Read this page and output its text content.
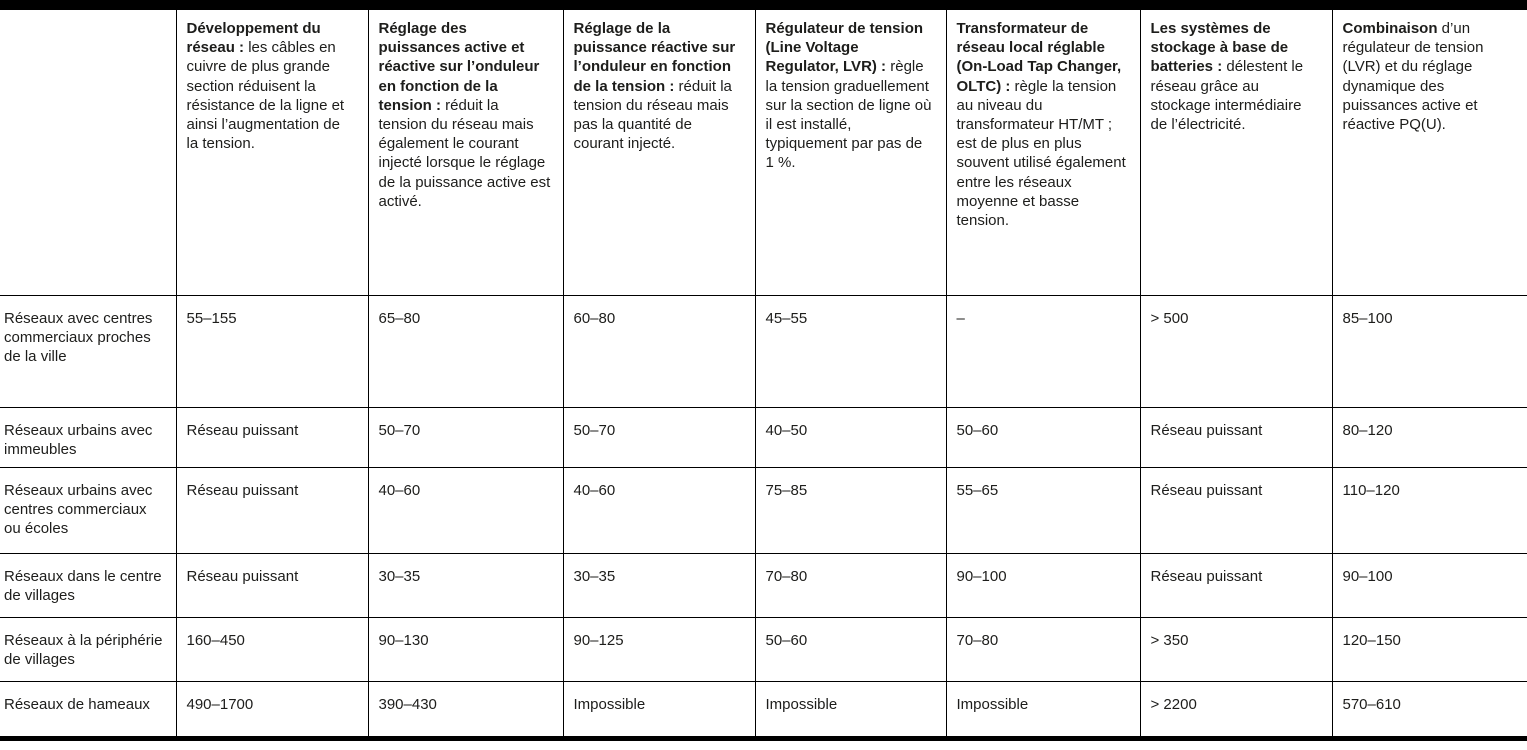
	Développement du réseau : les câbles en cuivre de plus grande section réduisent la résistance de la ligne et ainsi l’augmentation de la tension.	Réglage des puissances active et réactive sur l’onduleur en fonction de la tension : réduit la tension du réseau mais également le courant injecté lorsque le réglage de la puissance active est activé.	Réglage de la puissance réactive sur l’onduleur en fonction de la tension : réduit la tension du réseau mais pas la quantité de courant injecté.	Régulateur de tension (Line Voltage Regulator, LVR) : règle la tension graduellement sur la section de ligne où il est installé, typiquement par pas de 1 %.	Transformateur de réseau local réglable (On-Load Tap Changer, OLTC) : règle la tension au niveau du transformateur HT/MT ; est de plus en plus souvent utilisé également entre les réseaux moyenne et basse tension.	Les systèmes de stockage à base de batteries : délestent le réseau grâce au stockage intermédiaire de l’électricité.	Combinaison d’un régulateur de tension (LVR) et du réglage dynamique des puissances active et réactive PQ(U).
Réseaux avec centres commerciaux proches de la ville	55–155	65–80	60–80	45–55	–	> 500	85–100
Réseaux urbains avec immeubles	Réseau puissant	50–70	50–70	40–50	50–60	Réseau puissant	80–120
Réseaux urbains avec centres commerciaux ou écoles	Réseau puissant	40–60	40–60	75–85	55–65	Réseau puissant	110–120
Réseaux dans le centre de villages	Réseau puissant	30–35	30–35	70–80	90–100	Réseau puissant	90–100
Réseaux à la périphérie de villages	160–450	90–130	90–125	50–60	70–80	> 350	120–150
Réseaux de hameaux	490–1700	390–430	Impossible	Impossible	Impossible	> 2200	570–610
